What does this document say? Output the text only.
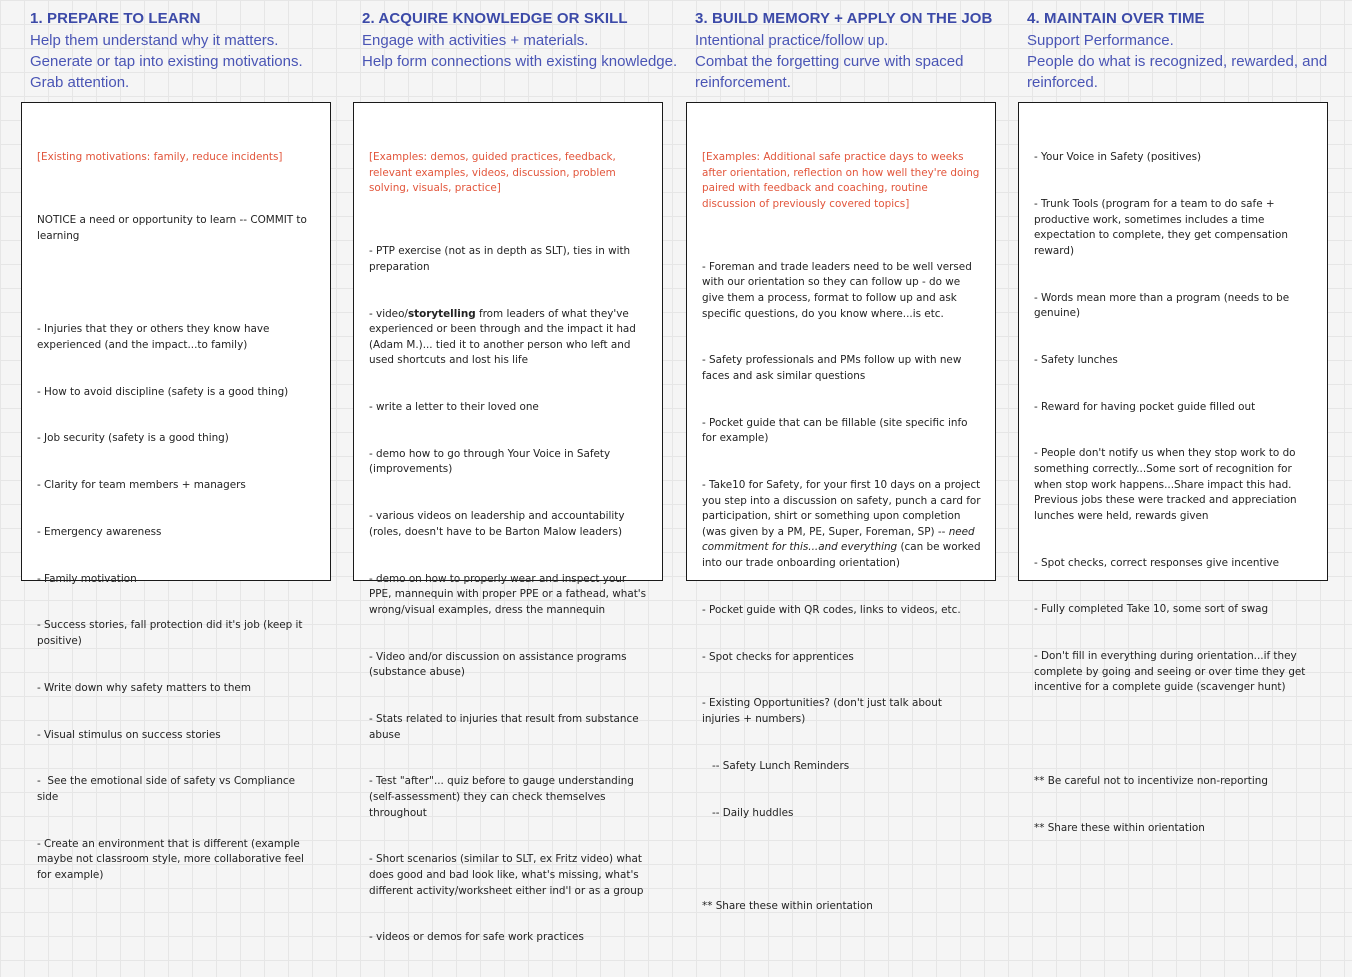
1. PREPARE TO LEARN
Help them understand why it matters.
Generate or tap into existing motivations.
Grab attention.

[Existing motivations: family, reduce incidents]

NOTICE a need or opportunity to learn -- COMMIT to learning

- Injuries that they or others they know have experienced (and the impact...to family)

- How to avoid discipline (safety is a good thing)

- Job security (safety is a good thing)

- Clarity for team members + managers

- Emergency awareness

- Family motivation

- Success stories, fall protection did it's job (keep it positive)

- Write down why safety matters to them

- Visual stimulus on success stories

-  See the emotional side of safety vs Compliance side

- Create an environment that is different (example maybe not classroom style, more collaborative feel for example)

2. ACQUIRE KNOWLEDGE OR SKILL
Engage with activities + materials.
Help form connections with existing knowledge.

[Examples: demos, guided practices, feedback, relevant examples, videos, discussion, problem solving, visuals, practice]

- PTP exercise (not as in depth as SLT), ties in with preparation

- video/storytelling from leaders of what they've experienced or been through and the impact it had (Adam M.)... tied it to another person who left and used shortcuts and lost his life

- write a letter to their loved one

- demo how to go through Your Voice in Safety (improvements)

- various videos on leadership and accountability (roles, doesn't have to be Barton Malow leaders)

- demo on how to properly wear and inspect your PPE, mannequin with proper PPE or a fathead, what's wrong/visual examples, dress the mannequin

- Video and/or discussion on assistance programs (substance abuse)

- Stats related to injuries that result from substance abuse

- Test "after"... quiz before to gauge understanding (self-assessment) they can check themselves throughout

- Short scenarios (similar to SLT, ex Fritz video) what does good and bad look like, what's missing, what's different activity/worksheet either ind'l or as a group

- videos or demos for safe work practices

3. BUILD MEMORY + APPLY ON THE JOB
Intentional practice/follow up.
Combat the forgetting curve with spaced reinforcement.

[Examples: Additional safe practice days to weeks after orientation, reflection on how well they're doing paired with feedback and coaching, routine discussion of previously covered topics]

- Foreman and trade leaders need to be well versed with our orientation so they can follow up - do we give them a process, format to follow up and ask specific questions, do you know where...is etc.

- Safety professionals and PMs follow up with new faces and ask similar questions

- Pocket guide that can be fillable (site specific info for example)

- Take10 for Safety, for your first 10 days on a project you step into a discussion on safety, punch a card for participation, shirt or something upon completion (was given by a PM, PE, Super, Foreman, SP) -- need commitment for this...and everything (can be worked into our trade onboarding orientation)

- Pocket guide with QR codes, links to videos, etc.

- Spot checks for apprentices

- Existing Opportunities? (don't just talk about injuries + numbers)

-- Safety Lunch Reminders

-- Daily huddles

** Share these within orientation

4. MAINTAIN OVER TIME
Support Performance.
People do what is recognized, rewarded, and reinforced.

- Your Voice in Safety (positives)

- Trunk Tools (program for a team to do safe + productive work, sometimes includes a time expectation to complete, they get compensation reward)

- Words mean more than a program (needs to be genuine)

- Safety lunches

- Reward for having pocket guide filled out

- People don't notify us when they stop work to do something correctly...Some sort of recognition for when stop work happens...Share impact this had. Previous jobs these were tracked and appreciation lunches were held, rewards given

- Spot checks, correct responses give incentive

- Fully completed Take 10, some sort of swag

- Don't fill in everything during orientation...if they complete by going and seeing or over time they get incentive for a complete guide (scavenger hunt)

** Be careful not to incentivize non-reporting

** Share these within orientation
